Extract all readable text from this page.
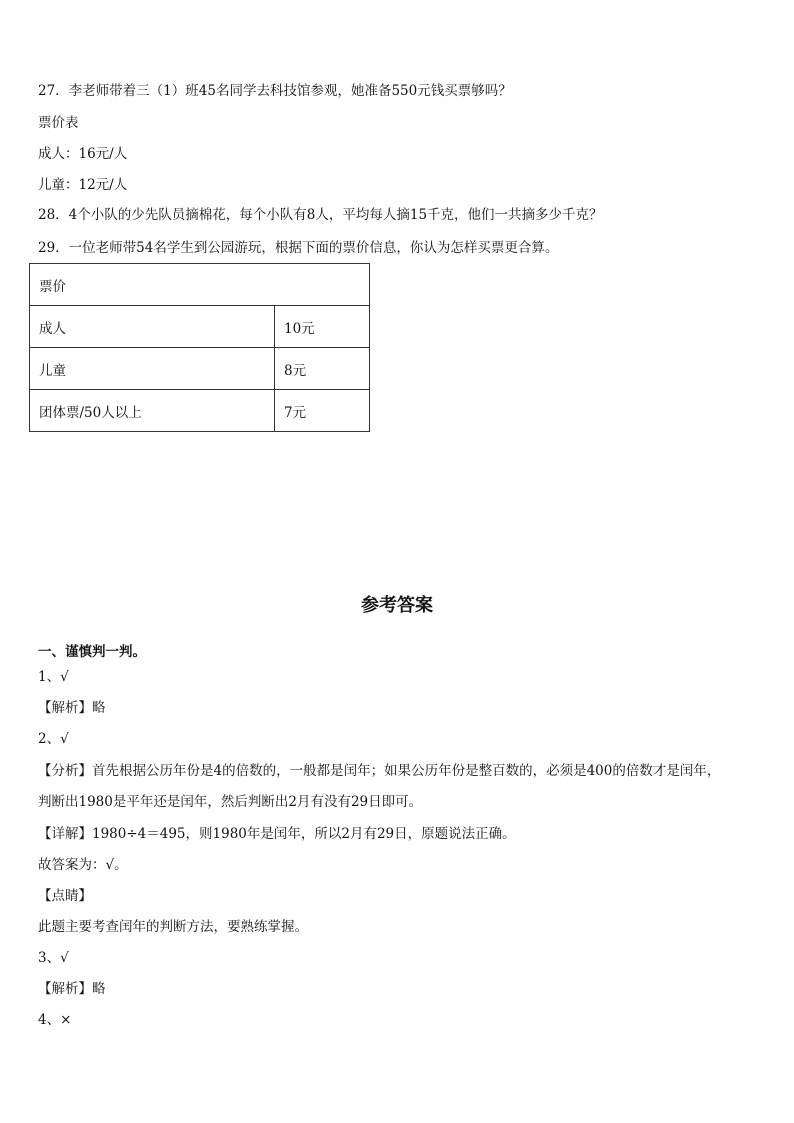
27．李老师带着三（1）班45名同学去科技馆参观，她准备550元钱买票够吗？
票价表
成人：16元/人
儿童：12元/人
28．4个小队的少先队员摘棉花，每个小队有8人，平均每人摘15千克，他们一共摘多少千克？
29．一位老师带54名学生到公园游玩，根据下面的票价信息，你认为怎样买票更合算。
票价	
成人	10元
儿童	8元
团体票/50人以上	7元
参考答案
一、谨慎判一判。
1、√
【解析】略
2、√
【分析】首先根据公历年份是4的倍数的，一般都是闰年；如果公历年份是整百数的，必须是400的倍数才是闰年，
判断出1980是平年还是闰年，然后判断出2月有没有29日即可。
【详解】1980÷4＝495，则1980年是闰年，所以2月有29日，原题说法正确。
故答案为：√。
【点睛】
此题主要考查闰年的判断方法，要熟练掌握。
3、√
【解析】略
4、×
